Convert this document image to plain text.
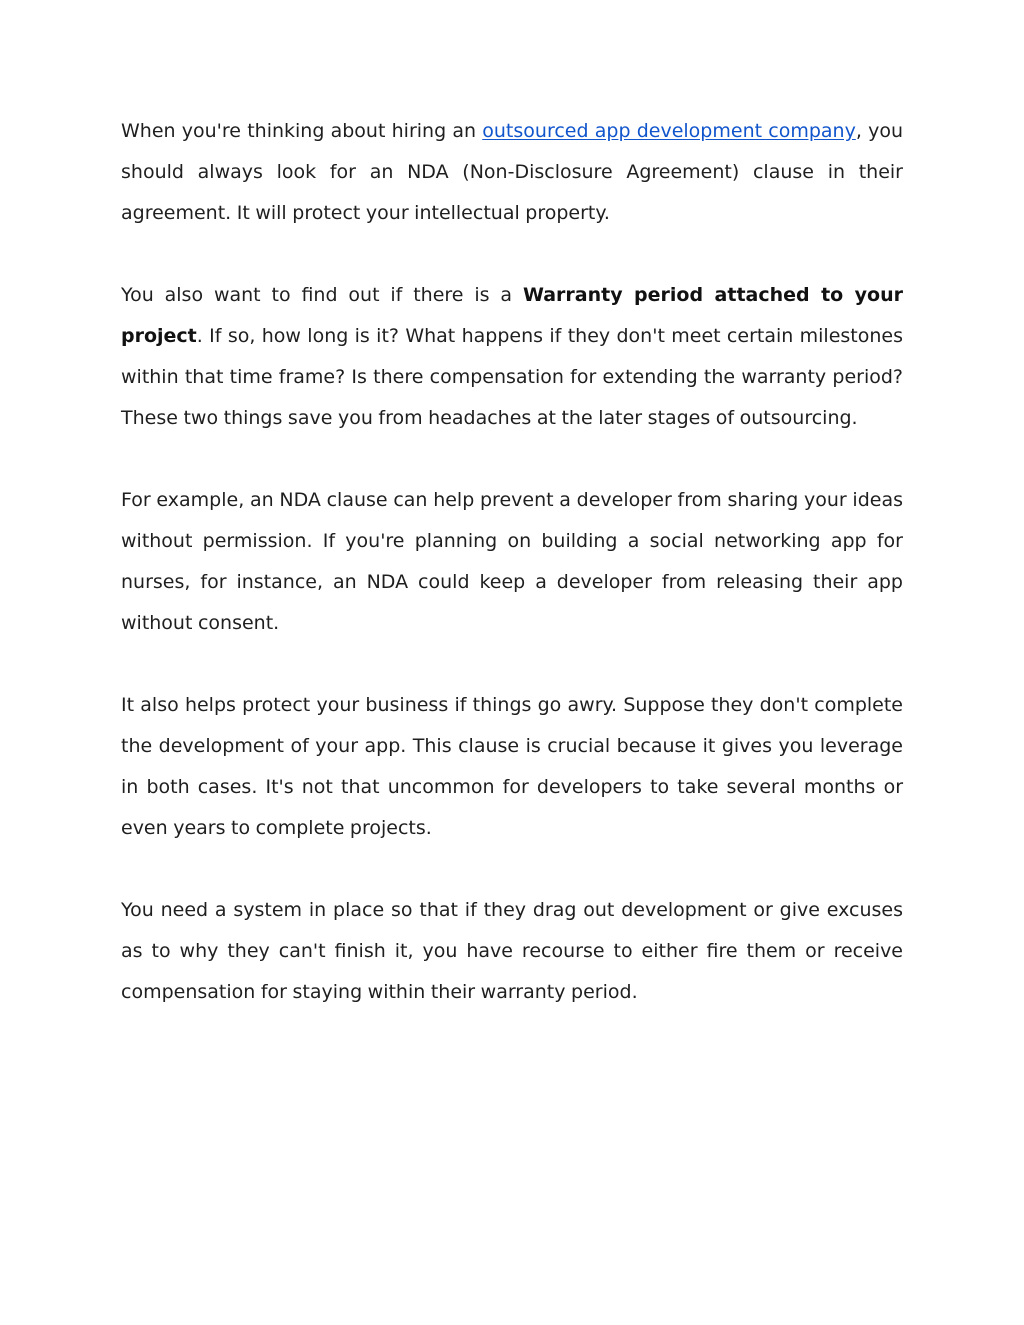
When you're thinking about hiring an outsourced app development company, you should always look for an NDA (Non-Disclosure Agreement) clause in their agreement. It will protect your intellectual property.

You also want to find out if there is a Warranty period attached to your project. If so, how long is it? What happens if they don't meet certain milestones within that time frame? Is there compensation for extending the warranty period? These two things save you from headaches at the later stages of outsourcing.

For example, an NDA clause can help prevent a developer from sharing your ideas without permission. If you're planning on building a social networking app for nurses, for instance, an NDA could keep a developer from releasing their app without consent.

It also helps protect your business if things go awry. Suppose they don't complete the development of your app. This clause is crucial because it gives you leverage in both cases. It's not that uncommon for developers to take several months or even years to complete projects.

You need a system in place so that if they drag out development or give excuses as to why they can't finish it, you have recourse to either fire them or receive compensation for staying within their warranty period.
